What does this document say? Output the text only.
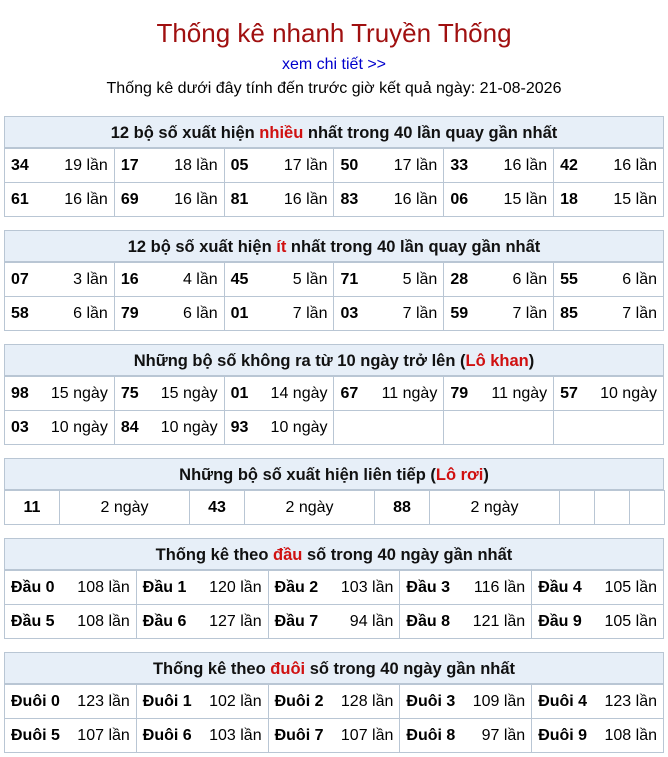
Thống kê nhanh Truyền Thống
xem chi tiết >>
Thống kê dưới đây tính đến trước giờ kết quả ngày: 21-08-2026
12 bộ số xuất hiện nhiều nhất trong 40 lần quay gần nhất
34 19 lần	17 18 lần	05 17 lần	50 17 lần	33 16 lần	42 16 lần

61 16 lần	69 16 lần	81 16 lần	83 16 lần	06 15 lần	18 15 lần
12 bộ số xuất hiện ít nhất trong 40 lần quay gần nhất
07 3 lần	16 4 lần	45 5 lần	71 5 lần	28 6 lần	55 6 lần

58 6 lần	79 6 lần	01 7 lần	03 7 lần	59 7 lần	85 7 lần
Những bộ số không ra từ 10 ngày trở lên (Lô khan)
98 15 ngày	75 15 ngày	01 14 ngày	67 11 ngày	79 11 ngày	57 10 ngày

03 10 ngày	84 10 ngày	93 10 ngày			

Những bộ số xuất hiện liên tiếp (Lô rơi)
11	2 ngày	43	2 ngày	88	2 ngày			
Thống kê theo đầu số trong 40 ngày gần nhất
Đầu 0 108 lần	Đầu 1 120 lần	Đầu 2 103 lần	Đầu 3 116 lần	Đầu 4 105 lần

Đầu 5 108 lần	Đầu 6 127 lần	Đầu 7 94 lần	Đầu 8 121 lần	Đầu 9 105 lần
Thống kê theo đuôi số trong 40 ngày gần nhất
Đuôi 0 123 lần	Đuôi 1 102 lần	Đuôi 2 128 lần	Đuôi 3 109 lần	Đuôi 4 123 lần

Đuôi 5 107 lần	Đuôi 6 103 lần	Đuôi 7 107 lần	Đuôi 8 97 lần	Đuôi 9 108 lần
